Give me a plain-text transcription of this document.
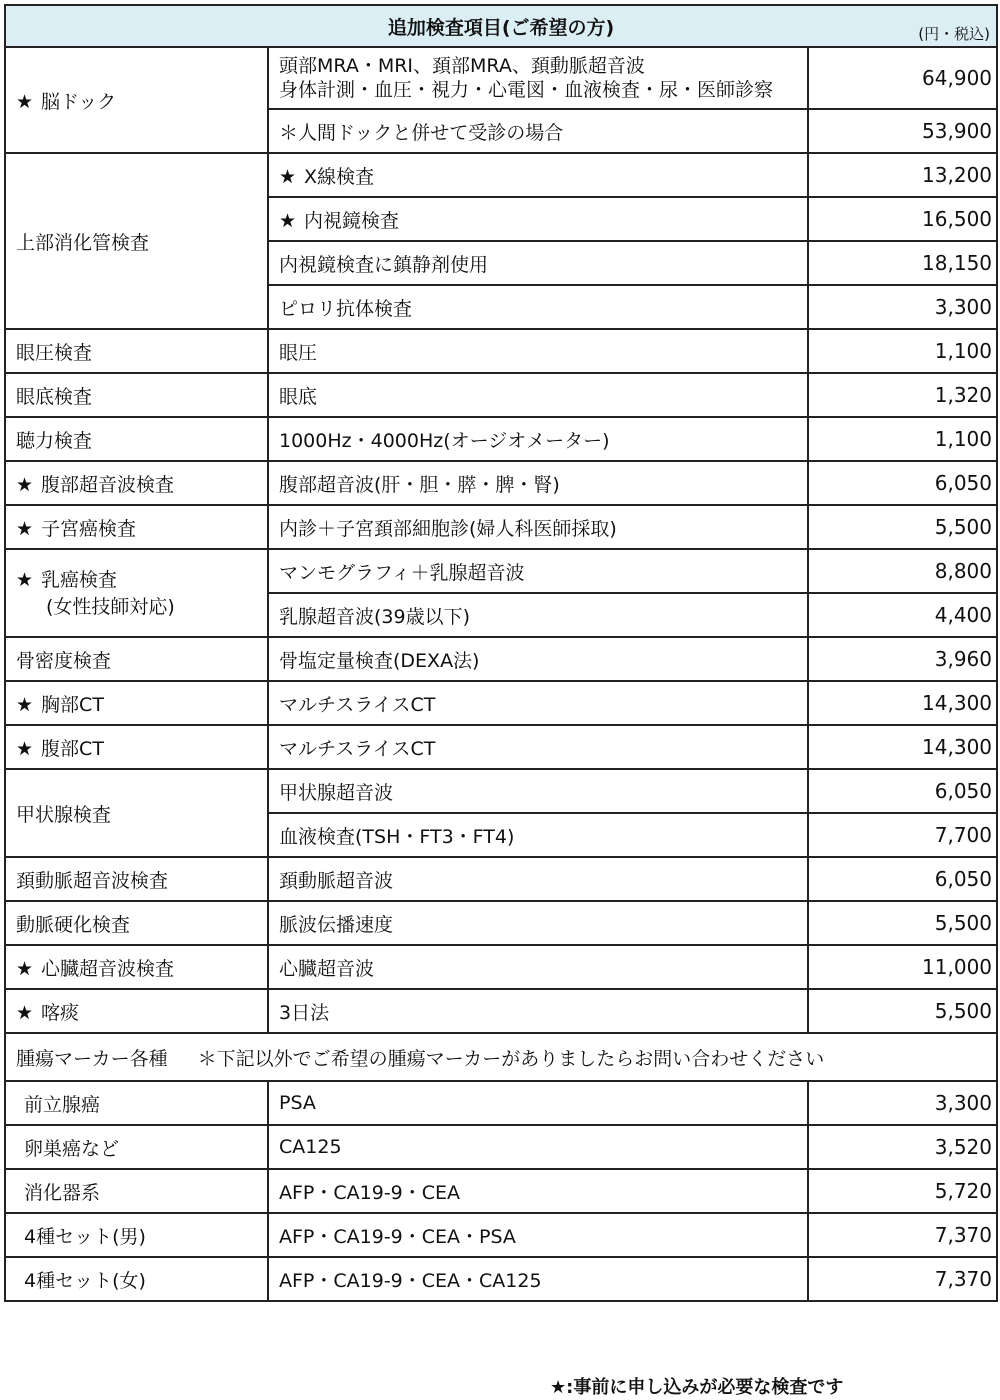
追加検査項目(ご希望の方) (円・税込)		

★ 脳ドック	頭部MRA・MRI、頚部MRA、頚動脈超音波
身体計測・血圧・視力・心電図・血液検査・尿・医師診察	64,900
	＊人間ドックと併せて受診の場合	53,900
上部消化管検査	★ X線検査	13,200
	★ 内視鏡検査	16,500
	内視鏡検査に鎮静剤使用	18,150
	ピロリ抗体検査	3,300
眼圧検査	眼圧	1,100
眼底検査	眼底	1,320
聴力検査	1000Hz・4000Hz(オージオメーター)	1,100
★ 腹部超音波検査	腹部超音波(肝・胆・膵・脾・腎)	6,050
★ 子宮癌検査	内診＋子宮頚部細胞診(婦人科医師採取)	5,500

★ 乳癌検査
(女性技師対応)	マンモグラフィ＋乳腺超音波	8,800
	乳腺超音波(39歳以下)	4,400
骨密度検査	骨塩定量検査(DEXA法)	3,960
★ 胸部CT	マルチスライスCT	14,300
★ 腹部CT	マルチスライスCT	14,300
甲状腺検査	甲状腺超音波	6,050
	血液検査(TSH・FT3・FT4)	7,700
頚動脈超音波検査	頚動脈超音波	6,050
動脈硬化検査	脈波伝播速度	5,500
★ 心臓超音波検査	心臓超音波	11,000
★ 喀痰	3日法	5,500
腫瘍マーカー各種 ＊下記以外でご希望の腫瘍マーカーがありましたらお問い合わせください		
前立腺癌	PSA	3,300
卵巣癌など	CA125	3,520
消化器系	AFP・CA19-9・CEA	5,720
4種セット(男)	AFP・CA19-9・CEA・PSA	7,370
4種セット(女)	AFP・CA19-9・CEA・CA125	7,370
★:事前に申し込みが必要な検査です
